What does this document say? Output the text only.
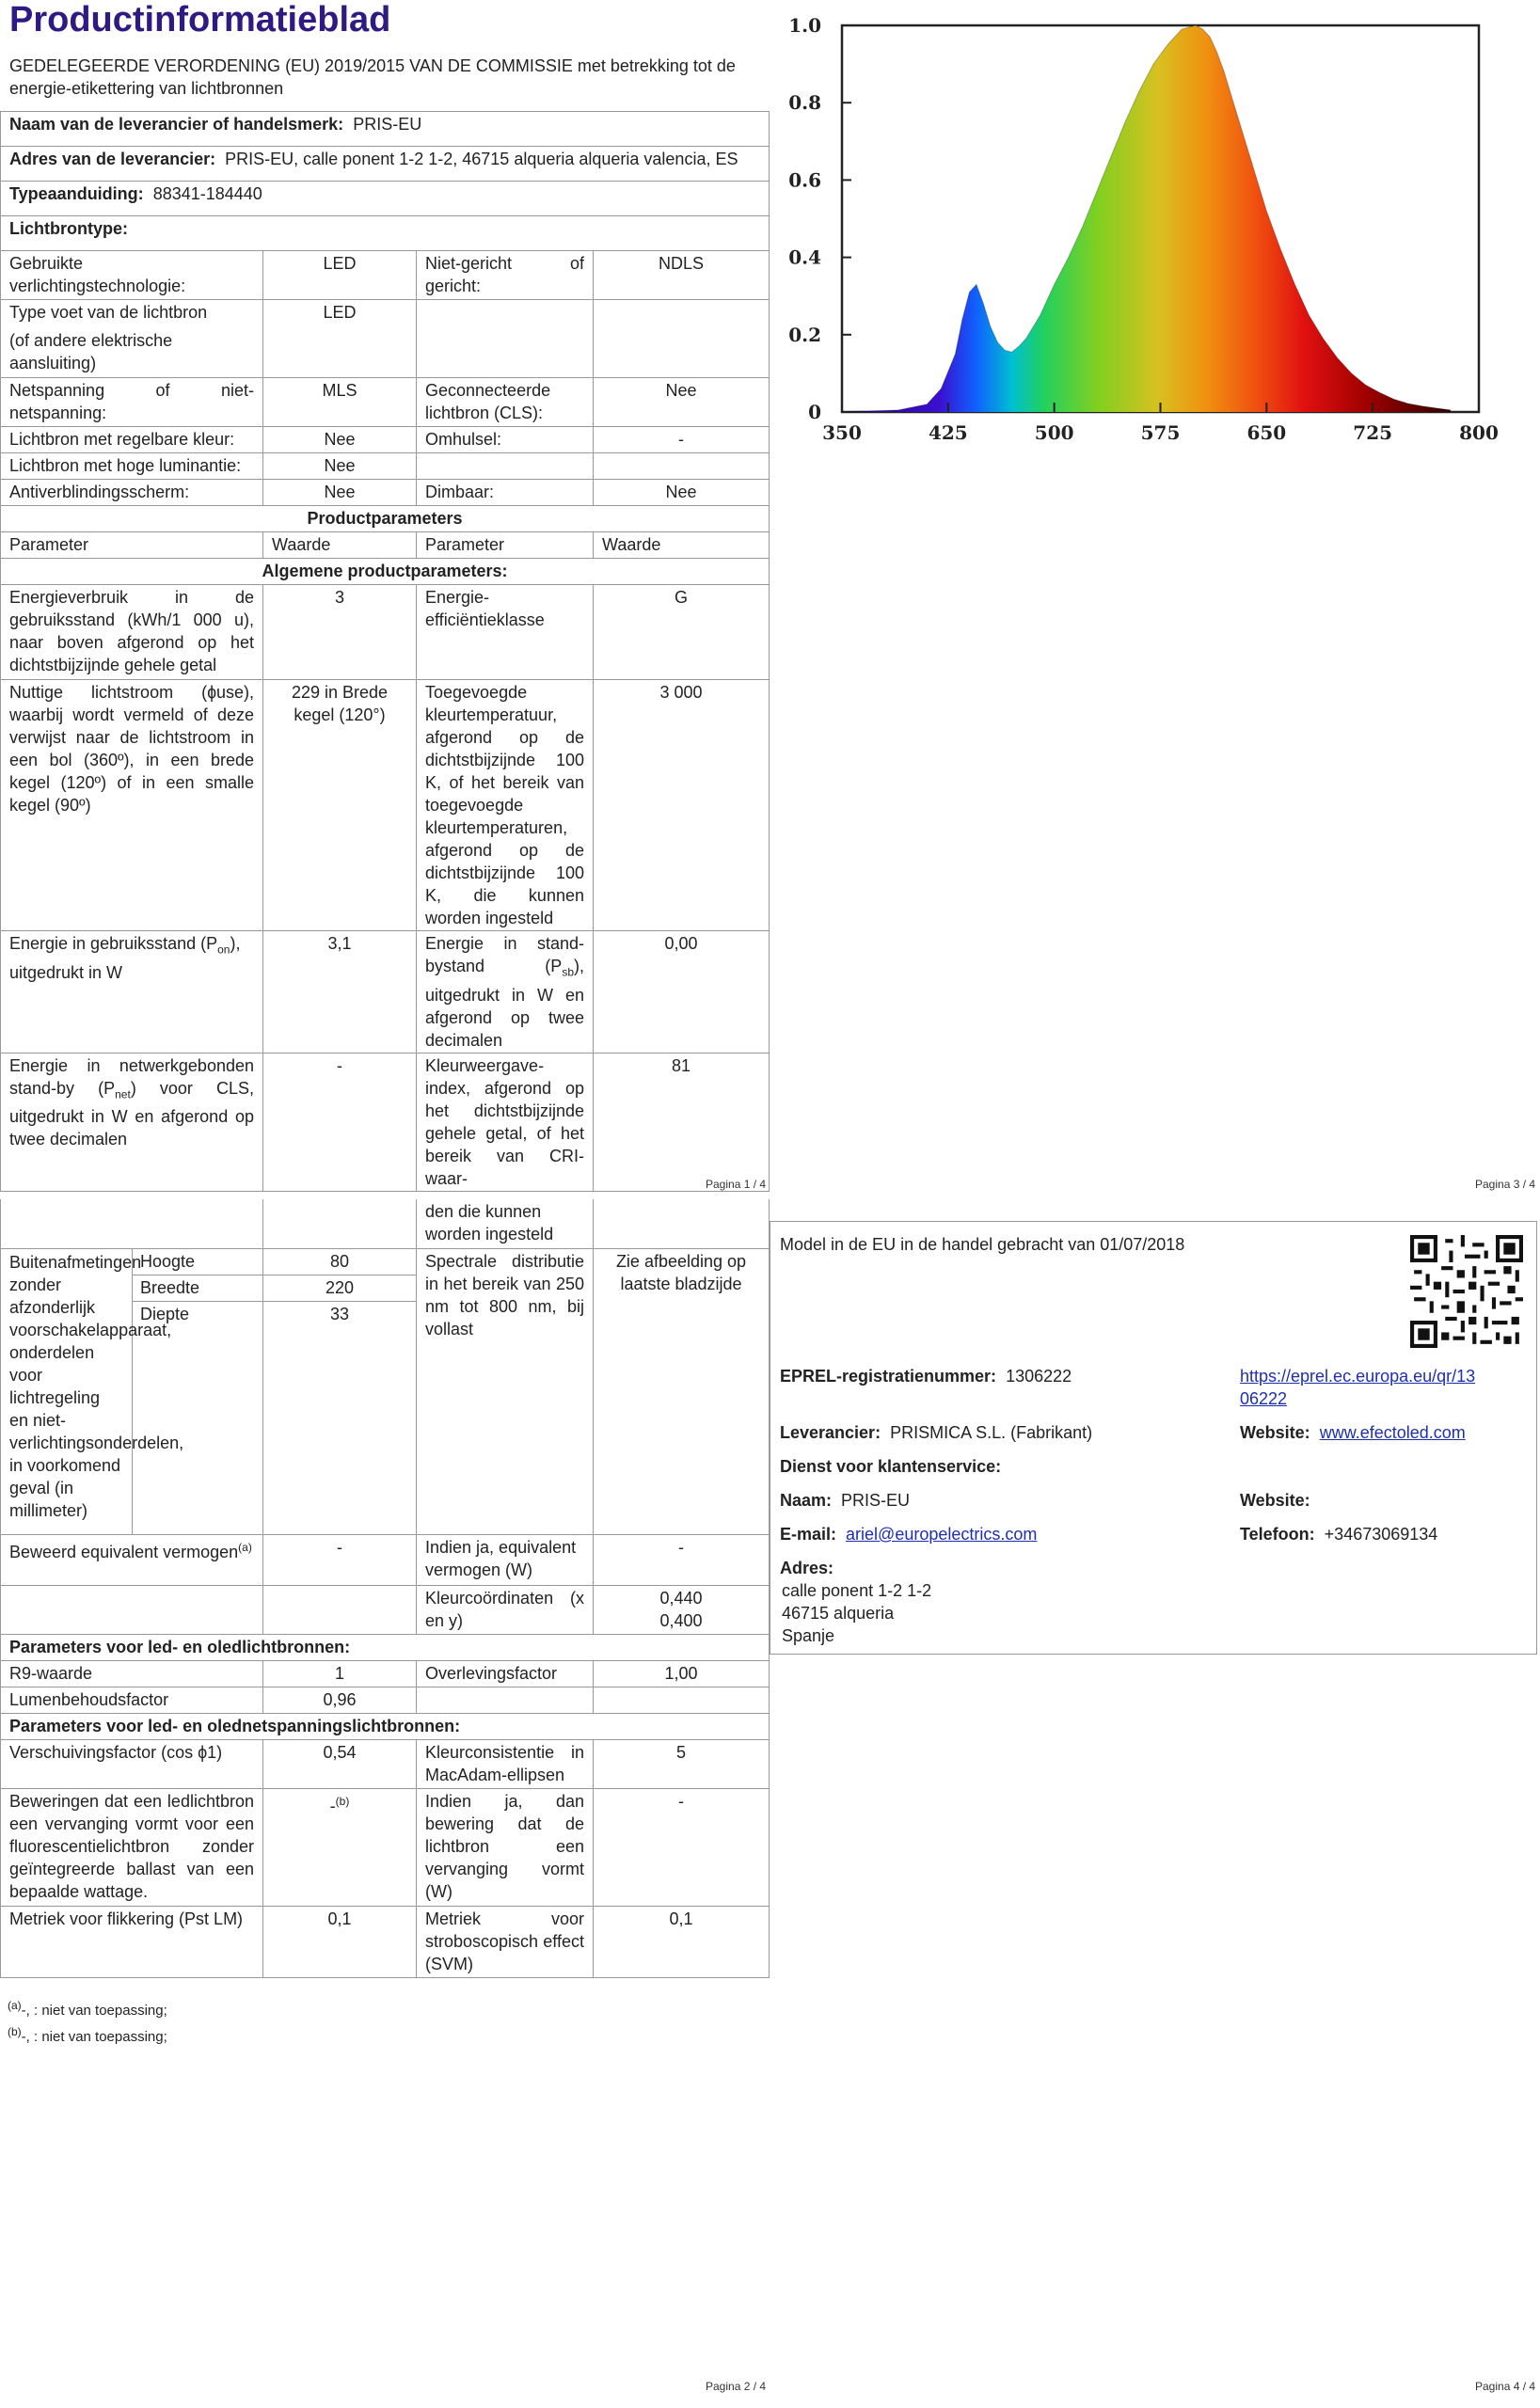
Productinformatieblad
GEDELEGEERDE VERORDENING (EU) 2019/2015 VAN DE COMMISSIE met betrekking tot de energie-etikettering van lichtbronnen
Naam van de leverancier of handelsmerk: PRIS-EU			
Adres van de leverancier: PRIS-EU, calle ponent 1-2 1-2, 46715 alqueria alqueria valencia, ES			
Typeaanduiding: 88341-184440			
Lichtbrontype:			
Gebruikte verlichtingstechnologie:	LED	Niet-gericht of gericht:	NDLS

Type voet van de lichtbron
(of andere elektrische aansluiting)	LED		
Netspanning of niet-netspanning:	MLS	Geconnecteerde lichtbron (CLS):	Nee
Lichtbron met regelbare kleur:	Nee	Omhulsel:	-
Lichtbron met hoge luminantie:	Nee		
Antiverblindingsscherm:	Nee	Dimbaar:	Nee
Productparameters			
Parameter	Waarde	Parameter	Waarde
Algemene productparameters:			
Energieverbruik in de gebruiksstand (kWh/1 000 u), naar boven afgerond op het dichtstbijzijnde gehele getal	3	Energie-efficiëntieklasse	G
Nuttige lichtstroom (ɸuse), waarbij wordt vermeld of deze verwijst naar de lichtstroom in een bol (360º), in een brede kegel (120º) of in een smalle kegel (90º)	229 in Brede kegel (120°)	Toegevoegde kleurtemperatuur, afgerond op de dichtstbijzijnde 100 K, of het bereik van toegevoegde kleurtemperaturen, afgerond op de dichtstbijzijnde 100 K, die kunnen worden ingesteld	3 000
Energie in gebruiksstand $(P_{on})$, uitgedrukt in W	3,1	Energie in stand-bystand $(P_{sb})$, uitgedrukt in W en afgerond op twee decimalen	0,00
Energie in netwerkgebonden stand-by $(P_{net})$ voor CLS, uitgedrukt in W en afgerond op twee decimalen	-	Kleurweergave-index, afgerond op het dichtstbijzijnde gehele getal, of het bereik van CRI-waar-	81
Pagina 1 / 4
			den die kunnen worden ingesteld	
Buitenafmetingen zonder afzonderlijk voorschakelapparaat, onderdelen voor lichtregeling en niet-verlichtingsonderdelen, in voorkomend geval (in millimeter)	Hoogte	80	Spectrale distributie in het bereik van 250 nm tot 800 nm, bij vollast	Zie afbeelding op laatste bladzijde
	Breedte	220		
	Diepte	33		
Beweerd equivalent vermogen$^{(a)}$		-	Indien ja, equivalent vermogen (W)	-
			Kleurcoördinaten (x en y)	0,440
0,400

Parameters voor led- en oledlichtbronnen:				
R9-waarde		1	Overlevingsfactor	1,00
Lumenbehoudsfactor		0,96		
Parameters voor led- en olednetspanningslichtbronnen:				
Verschuivingsfactor (cos ϕ1)		0,54	Kleurconsistentie in MacAdam-ellipsen	5
Beweringen dat een ledlichtbron een vervanging vormt voor een fluorescentielichtbron zonder geïntegreerde ballast van een bepaalde wattage.		-$^{(b)}$	Indien ja, dan bewering dat de lichtbron een vervanging vormt (W)	-
Metriek voor flikkering (Pst LM)		0,1	Metriek voor stroboscopisch effect (SVM)	0,1
$^{(a)}$-, : niet van toepassing;
$^{(b)}$-, : niet van toepassing;
Pagina 2 / 4
350	425	500	575	650	725	800
0
0.2
0.4
0.6
0.8
1.0
Pagina 3 / 4
Model in de EU in de handel gebracht van 01/07/2018
EPREL-registratienummer: 1306222	https://eprel.ec.europa.eu/qr/1306222
Leverancier: PRISMICA S.L. (Fabrikant)	Website: www.efectoled.com
Dienst voor klantenservice:
Naam: PRIS-EU	Website:
E-mail: ariel@europelectrics.com	Telefoon: +34673069134
Adres:
calle ponent 1-2 1-2
46715 alqueria
Spanje
Pagina 4 / 4
